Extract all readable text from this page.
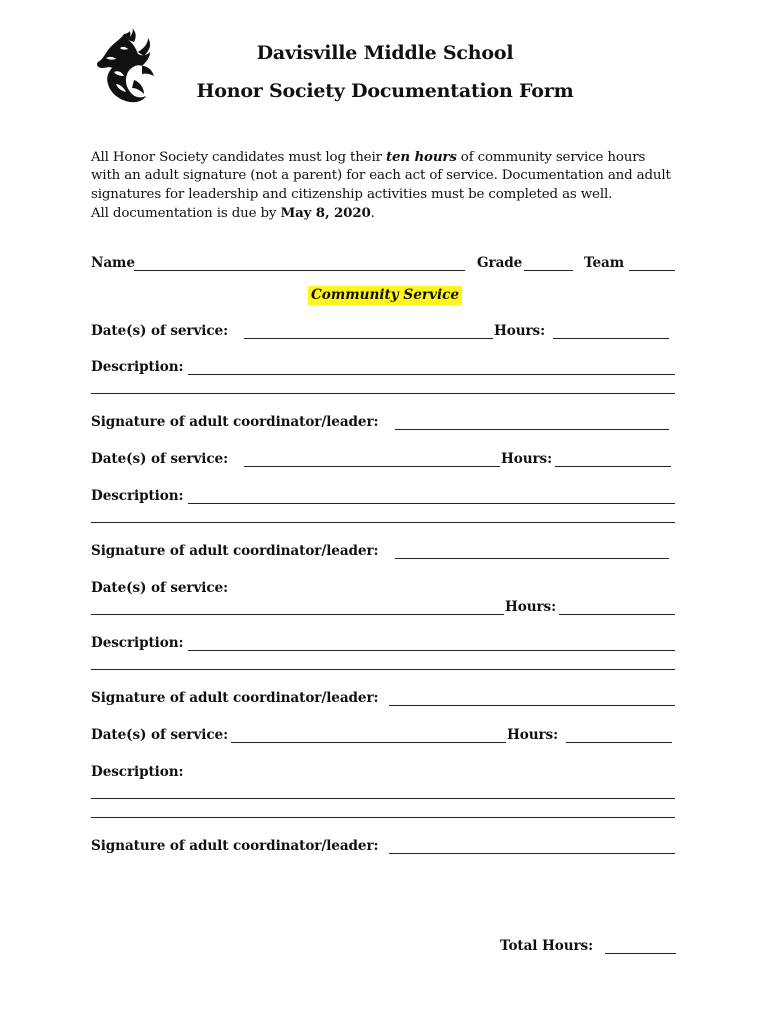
Davisville Middle School
Honor Society Documentation Form
All Honor Society candidates must log their ten hours of community service hours
with an adult signature (not a parent) for each act of service. Documentation and adult
signatures for leadership and citizenship activities must be completed as well.
All documentation is due by May 8, 2020.
Name	Grade	Team
Community Service
Date(s) of service:	Hours:
Description:
Signature of adult coordinator/leader:
Date(s) of service:	Hours:
Description:
Signature of adult coordinator/leader:
Date(s) of service:
Hours:
Description:
Signature of adult coordinator/leader:
Date(s) of service:	Hours:
Description:
Signature of adult coordinator/leader:
Total Hours:
